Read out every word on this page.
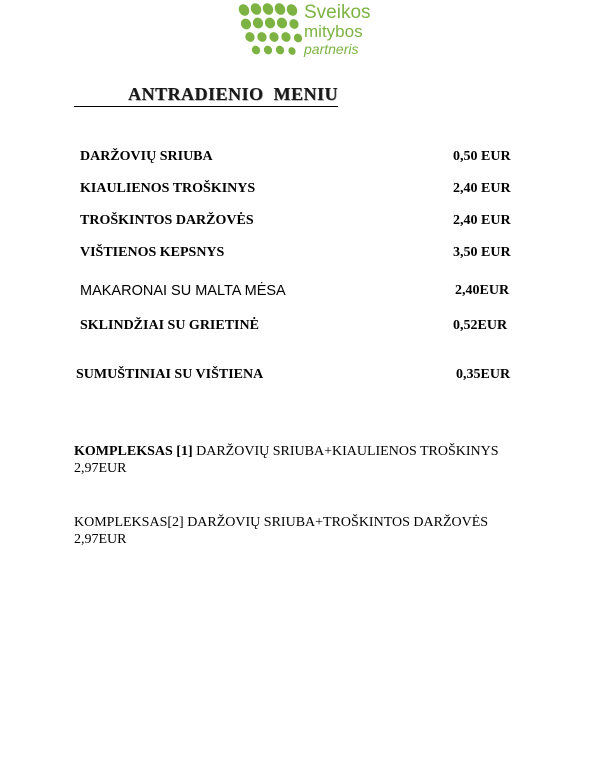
Sveikos
mitybos
partneris
ANTRADIENIO  MENIU
DARŽOVIŲ SRIUBA	0,50 EUR
KIAULIENOS TROŠKINYS	2,40 EUR
TROŠKINTOS DARŽOVĖS	2,40 EUR
VIŠTIENOS KEPSNYS	3,50 EUR
MAKARONAI SU MALTA MĖSA	2,40EUR
SKLINDŽIAI SU GRIETINĖ	0,52EUR
SUMUŠTINIAI SU VIŠTIENA	0,35EUR
KOMPLEKSAS [1] DARŽOVIŲ SRIUBA+KIAULIENOS TROŠKINYS
2,97EUR
KOMPLEKSAS[2] DARŽOVIŲ SRIUBA+TROŠKINTOS DARŽOVĖS
2,97EUR
